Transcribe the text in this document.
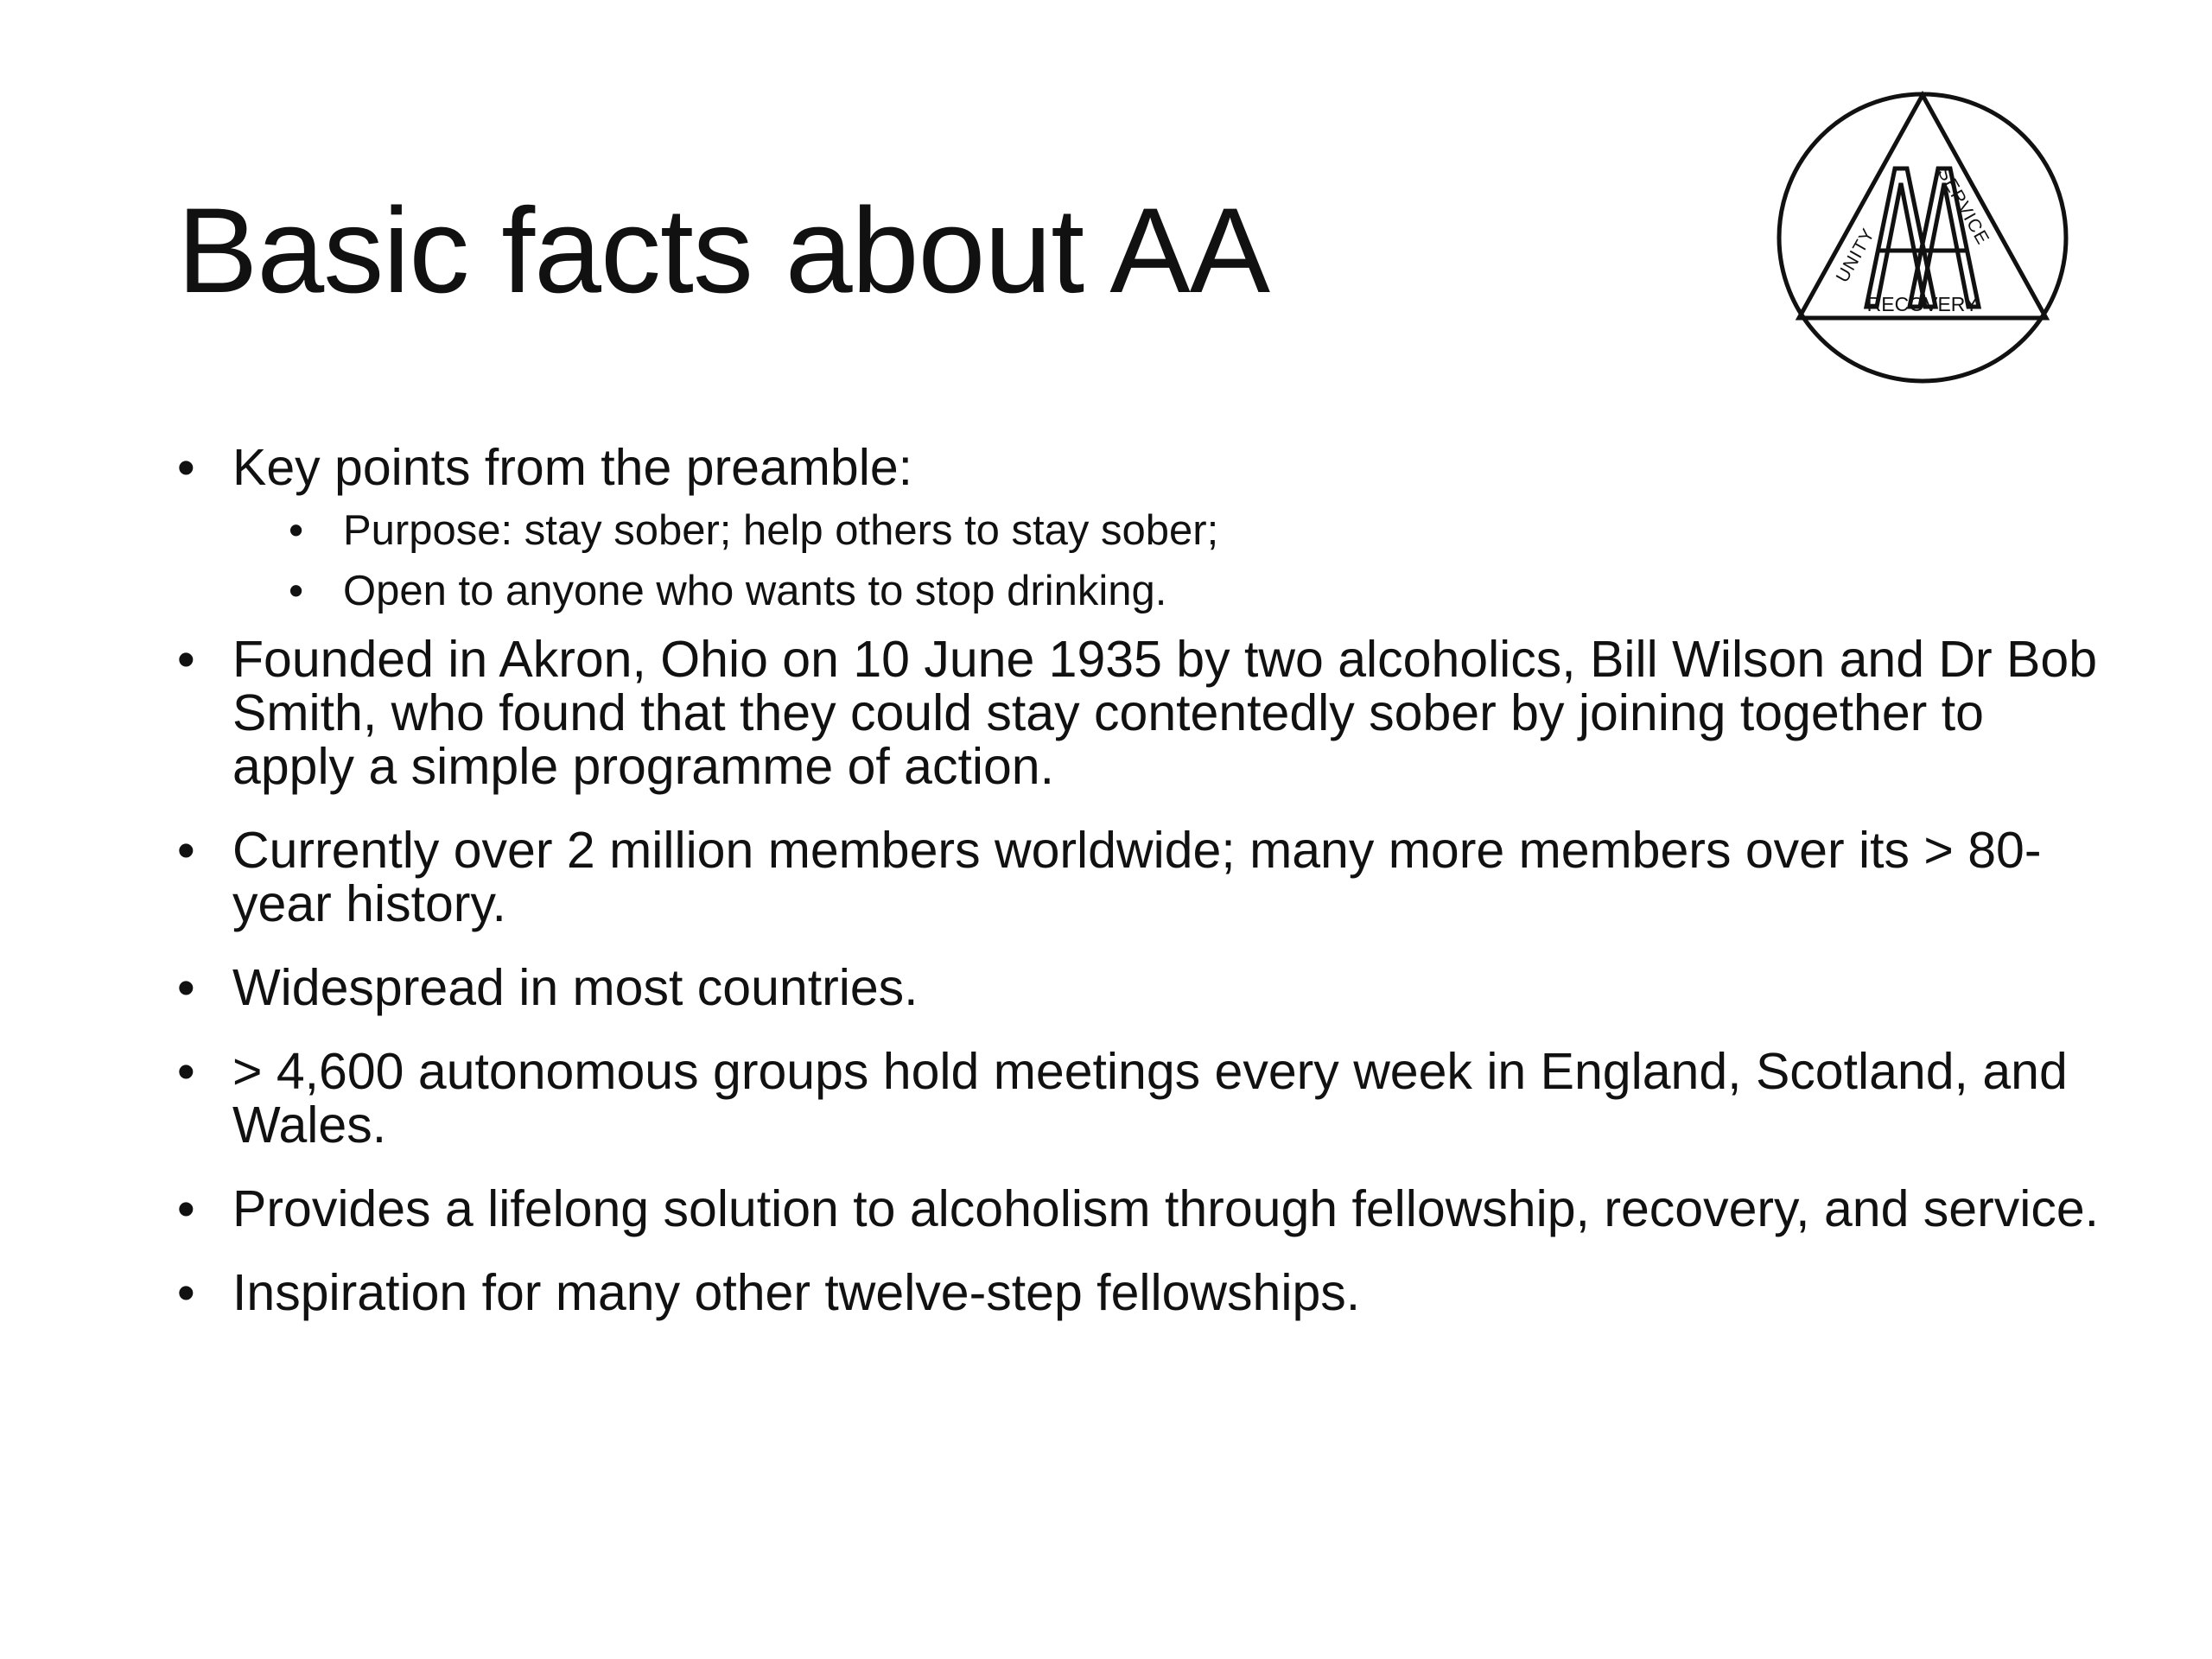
Basic facts about AA	UNITY
SERVICE
RECOVERY
• Key points from the preamble:
• Purpose: stay sober; help others to stay sober;
• Open to anyone who wants to stop drinking.
• Founded in Akron, Ohio on 10 June 1935 by two alcoholics, Bill Wilson and Dr Bob Smith, who found that they could stay contentedly sober by joining together to apply a simple programme of action.
• Currently over 2 million members worldwide; many more members over its > 80-year history.
• Widespread in most countries.
• > 4,600 autonomous groups hold meetings every week in England, Scotland, and Wales.
• Provides a lifelong solution to alcoholism through fellowship, recovery, and service.
• Inspiration for many other twelve-step fellowships.
